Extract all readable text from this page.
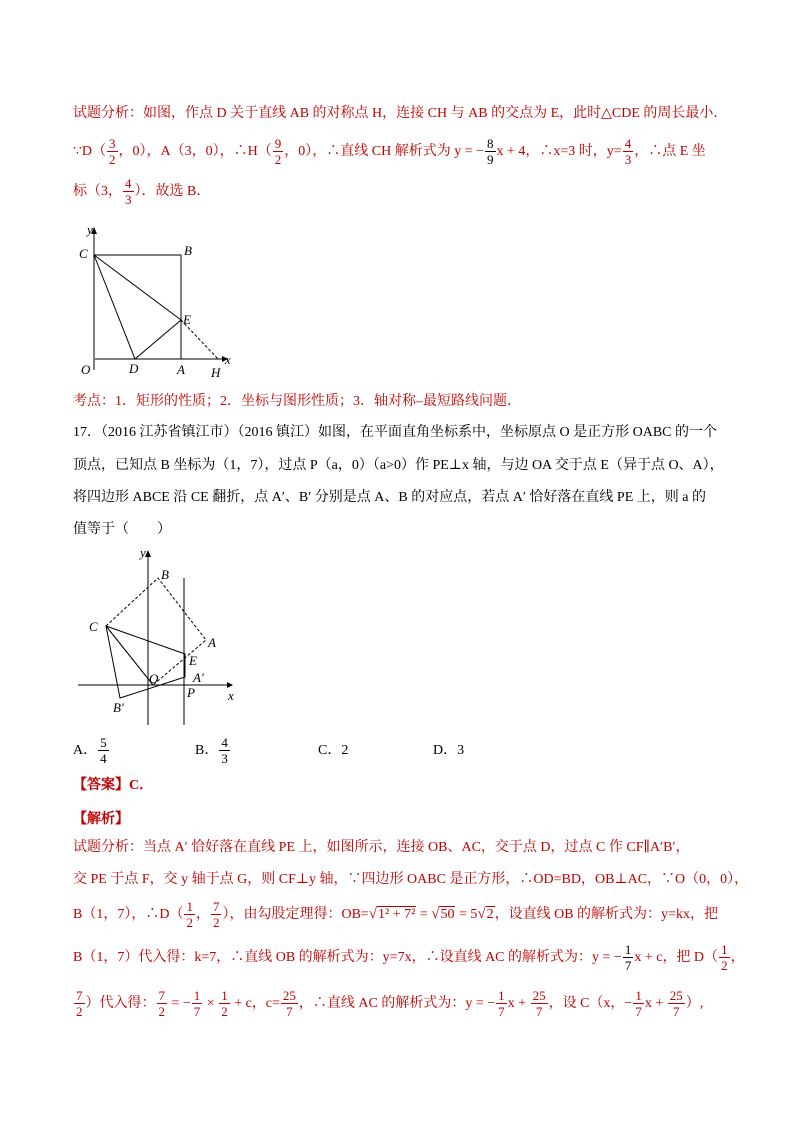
试题分析：如图，作点 D 关于直线 AB 的对称点 H，连接 CH 与 AB 的交点为 E，此时△CDE 的周长最小．
∵D（ $\frac{3}{2}$ ，0），A（3，0），∴H（ $\frac{9}{2}$ ，0），∴直线 CH 解析式为 y = − $\frac{8}{9}$ x + 4，∴x=3 时，$y= \frac{4}{3}$ ，∴点 E 坐
标（3， $\frac{4}{3}$ ）．故选 B．
y
x
C	B
E
O	D	A H
考点：1．矩形的性质；2．坐标与图形性质；3．轴对称–最短路线问题．
17．（2016 江苏省镇江市）（2016 镇江）如图，在平面直角坐标系中，坐标原点 O 是正方形 OABC 的一个
顶点，已知点 B 坐标为（1，7），过点 P（a，0）（a>0）作 PE⊥x 轴，与边 OA 交于点 E（异于点 O、A），
将四边形 ABCE 沿 CE 翻折，点 A′、B′ 分别是点 A、B 的对应点，若点 A′ 恰好落在直线 PE 上，则 a 的
值等于（　　）
y
x
B
C
A
E
O	A′
P
B′
A． $\frac{5}{4}$	B． $\frac{4}{3}$	C．2	D．3
【答案】C．
【解析】
试题分析：当点 A′ 恰好落在直线 PE 上，如图所示，连接 OB、AC，交于点 D，过点 C 作 CF∥A′B′，
交 PE 于点 F，交 y 轴于点 G，则 CF⊥y 轴，∵四边形 OABC 是正方形，∴OD=BD，OB⊥AC，∵O（0，0），
B（1，7），∴D（ $\frac{1}{2}$ ， $\frac{7}{2}$ ），由勾股定理得：OB=√1² + 7² = √50 = 5√2，设直线 OB 的解析式为：y=kx，把
B（1，7）代入得：k=7，∴直线 OB 的解析式为：y=7x，∴设直线 AC 的解析式为：y = − $\frac{1}{7}$ x + c，把 $D( \frac{1}{2}$ ，
$\frac{7}{2}$ ）代入得： $\frac{7}{2}$ = − $\frac{1}{7} \times \frac{1}{2} + c$，$c= \frac{25}{7}$ ，∴直线 AC 的解析式为：y = − $\frac{1}{7}$ $x + \frac{25}{7}$ ，设 C（x，− $\frac{1}{7}$ $x + \frac{25}{7}$ ）,
